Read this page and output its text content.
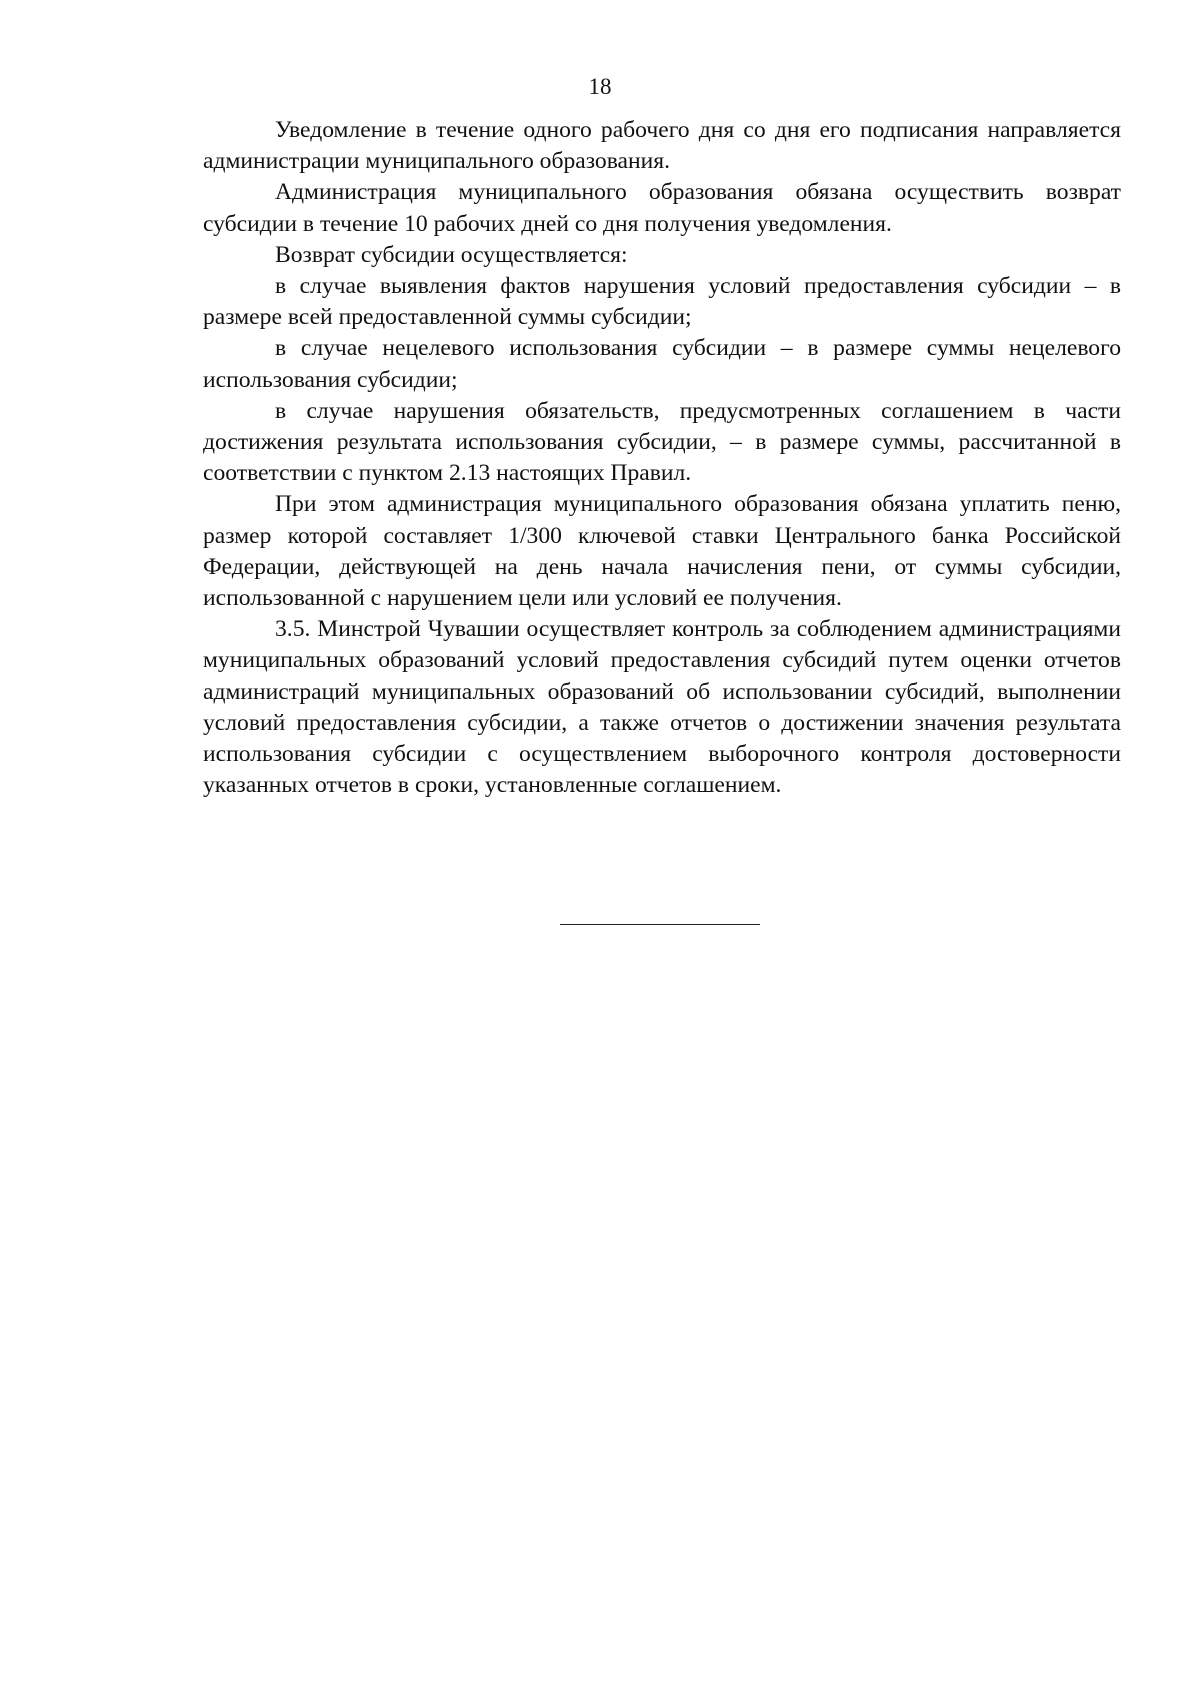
18

Уведомление в течение одного рабочего дня со дня его подписания направляется администрации муниципального образования.

Администрация муниципального образования обязана осуществить возврат субсидии в течение 10 рабочих дней со дня получения уведомления.

Возврат субсидии осуществляется:

в случае выявления фактов нарушения условий предоставления субсидии – в размере всей предоставленной суммы субсидии;

в случае нецелевого использования субсидии – в размере суммы нецелевого использования субсидии;

в случае нарушения обязательств, предусмотренных соглашением в части достижения результата использования субсидии, – в размере суммы, рассчитанной в соответствии с пунктом 2.13 настоящих Правил.

При этом администрация муниципального образования обязана уплатить пеню, размер которой составляет 1/300 ключевой ставки Центрального банка Российской Федерации, действующей на день начала начисления пени, от суммы субсидии, использованной с нарушением цели или условий ее получения.

3.5. Минстрой Чувашии осуществляет контроль за соблюдением администрациями муниципальных образований условий предоставления субсидий путем оценки отчетов администраций муниципальных образований об использовании субсидий, выполнении условий предоставления субсидии, а также отчетов о достижении значения результата использования субсидии с осуществлением выборочного контроля достоверности указанных отчетов в сроки, установленные соглашением.
